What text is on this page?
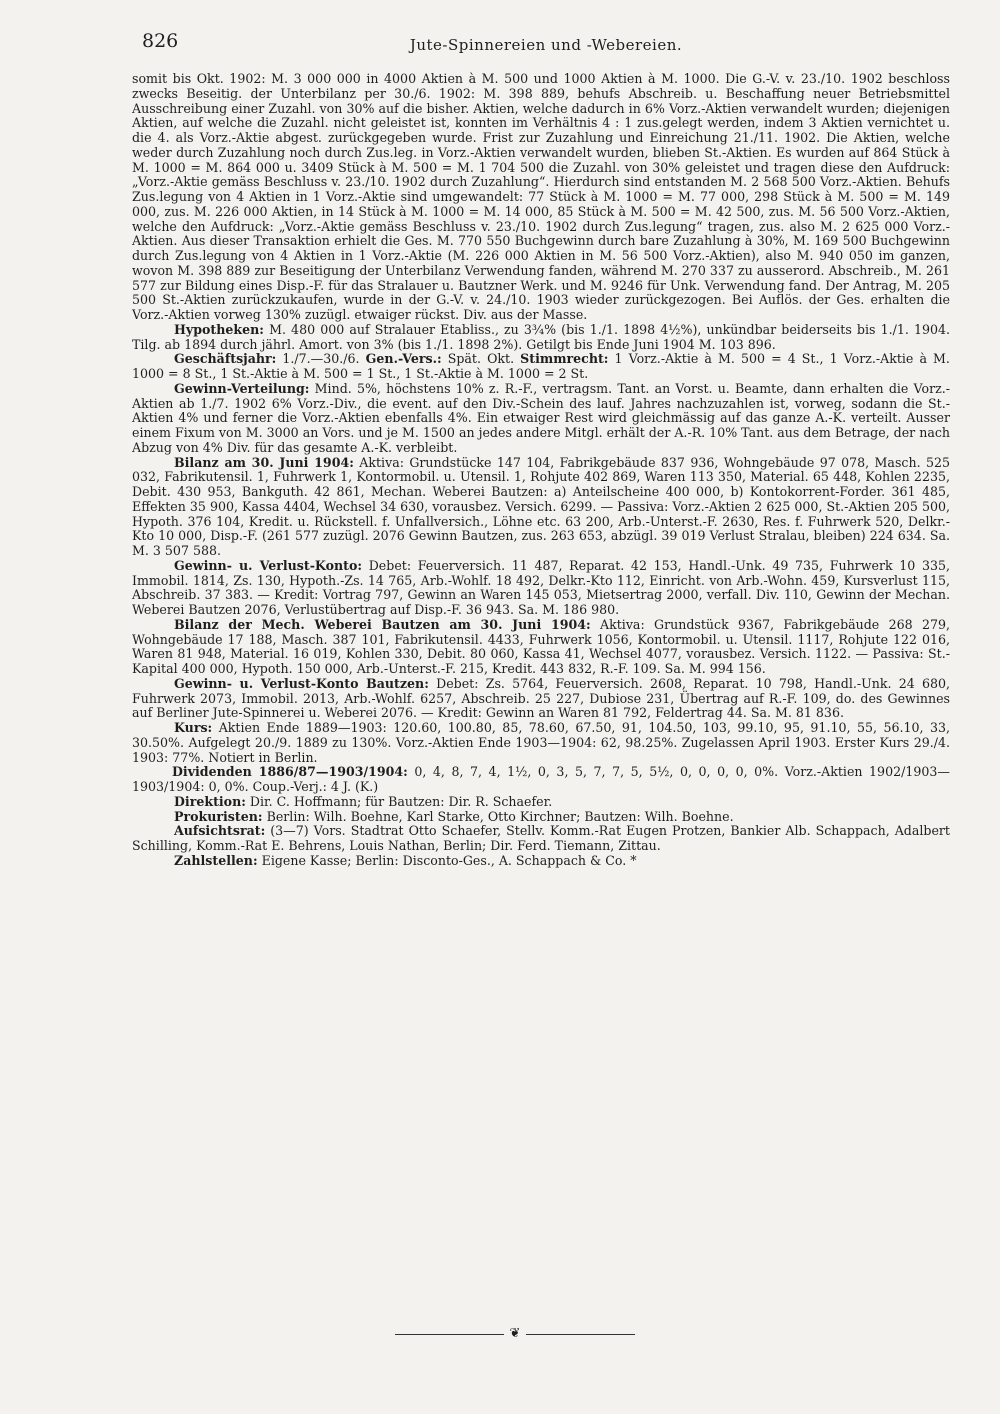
826	Jute-Spinnereien und -Webereien.

somit bis Okt. 1902: M. 3 000 000 in 4000 Aktien à M. 500 und 1000 Aktien à M. 1000. Die G.-V. v. 23./10. 1902 beschloss zwecks Beseitig. der Unterbilanz per 30./6. 1902: M. 398 889, behufs Abschreib. u. Beschaffung neuer Betriebsmittel Ausschreibung einer Zuzahl. von 30% auf die bisher. Aktien, welche dadurch in 6% Vorz.-Aktien verwandelt wurden; diejenigen Aktien, auf welche die Zuzahl. nicht geleistet ist, konnten im Verhältnis 4 : 1 zus.gelegt werden, indem 3 Aktien vernichtet u. die 4. als Vorz.-Aktie abgest. zurückgegeben wurde. Frist zur Zuzahlung und Einreichung 21./11. 1902. Die Aktien, welche weder durch Zuzahlung noch durch Zus.leg. in Vorz.-Aktien verwandelt wurden, blieben St.-Aktien. Es wurden auf 864 Stück à M. 1000 = M. 864 000 u. 3409 Stück à M. 500 = M. 1 704 500 die Zuzahl. von 30% geleistet und tragen diese den Aufdruck: „Vorz.-Aktie gemäss Beschluss v. 23./10. 1902 durch Zuzahlung“. Hierdurch sind entstanden M. 2 568 500 Vorz.-Aktien. Behufs Zus.legung von 4 Aktien in 1 Vorz.-Aktie sind umgewandelt: 77 Stück à M. 1000 = M. 77 000, 298 Stück à M. 500 = M. 149 000, zus. M. 226 000 Aktien, in 14 Stück à M. 1000 = M. 14 000, 85 Stück à M. 500 = M. 42 500, zus. M. 56 500 Vorz.-Aktien, welche den Aufdruck: „Vorz.-Aktie gemäss Beschluss v. 23./10. 1902 durch Zus.legung“ tragen, zus. also M. 2 625 000 Vorz.-Aktien. Aus dieser Transaktion erhielt die Ges. M. 770 550 Buchgewinn durch bare Zuzahlung à 30%, M. 169 500 Buchgewinn durch Zus.legung von 4 Aktien in 1 Vorz.-Aktie (M. 226 000 Aktien in M. 56 500 Vorz.-Aktien), also M. 940 050 im ganzen, wovon M. 398 889 zur Beseitigung der Unterbilanz Verwendung fanden, während M. 270 337 zu ausserord. Abschreib., M. 261 577 zur Bildung eines Disp.-F. für das Stralauer u. Bautzner Werk. und M. 9246 für Unk. Verwendung fand. Der Antrag, M. 205 500 St.-Aktien zurückzukaufen, wurde in der G.-V. v. 24./10. 1903 wieder zurückgezogen. Bei Auflös. der Ges. erhalten die Vorz.-Aktien vorweg 130% zuzügl. etwaiger rückst. Div. aus der Masse.

Hypotheken: M. 480 000 auf Stralauer Etabliss., zu 3¾% (bis 1./1. 1898 4½%), unkündbar beiderseits bis 1./1. 1904. Tilg. ab 1894 durch jährl. Amort. von 3% (bis 1./1. 1898 2%). Getilgt bis Ende Juni 1904 M. 103 896.

Geschäftsjahr: 1./7.—30./6. Gen.-Vers.: Spät. Okt. Stimmrecht: 1 Vorz.-Aktie à M. 500 = 4 St., 1 Vorz.-Aktie à M. 1000 = 8 St., 1 St.-Aktie à M. 500 = 1 St., 1 St.-Aktie à M. 1000 = 2 St.

Gewinn-Verteilung: Mind. 5%, höchstens 10% z. R.-F., vertragsm. Tant. an Vorst. u. Beamte, dann erhalten die Vorz.-Aktien ab 1./7. 1902 6% Vorz.-Div., die event. auf den Div.-Schein des lauf. Jahres nachzuzahlen ist, vorweg, sodann die St.-Aktien 4% und ferner die Vorz.-Aktien ebenfalls 4%. Ein etwaiger Rest wird gleichmässig auf das ganze A.-K. verteilt. Ausser einem Fixum von M. 3000 an Vors. und je M. 1500 an jedes andere Mitgl. erhält der A.-R. 10% Tant. aus dem Betrage, der nach Abzug von 4% Div. für das gesamte A.-K. verbleibt.

Bilanz am 30. Juni 1904: Aktiva: Grundstücke 147 104, Fabrikgebäude 837 936, Wohngebäude 97 078, Masch. 525 032, Fabrikutensil. 1, Fuhrwerk 1, Kontormobil. u. Utensil. 1, Rohjute 402 869, Waren 113 350, Material. 65 448, Kohlen 2235, Debit. 430 953, Bankguth. 42 861, Mechan. Weberei Bautzen: a) Anteilscheine 400 000, b) Kontokorrent-Forder. 361 485, Effekten 35 900, Kassa 4404, Wechsel 34 630, vorausbez. Versich. 6299. — Passiva: Vorz.-Aktien 2 625 000, St.-Aktien 205 500, Hypoth. 376 104, Kredit. u. Rückstell. f. Unfallversich., Löhne etc. 63 200, Arb.-Unterst.-F. 2630, Res. f. Fuhrwerk 520, Delkr.-Kto 10 000, Disp.-F. (261 577 zuzügl. 2076 Gewinn Bautzen, zus. 263 653, abzügl. 39 019 Verlust Stralau, bleiben) 224 634. Sa. M. 3 507 588.

Gewinn- u. Verlust-Konto: Debet: Feuerversich. 11 487, Reparat. 42 153, Handl.-Unk. 49 735, Fuhrwerk 10 335, Immobil. 1814, Zs. 130, Hypoth.-Zs. 14 765, Arb.-Wohlf. 18 492, Delkr.-Kto 112, Einricht. von Arb.-Wohn. 459, Kursverlust 115, Abschreib. 37 383. — Kredit: Vortrag 797, Gewinn an Waren 145 053, Mietsertrag 2000, verfall. Div. 110, Gewinn der Mechan. Weberei Bautzen 2076, Verlustübertrag auf Disp.-F. 36 943. Sa. M. 186 980.

Bilanz der Mech. Weberei Bautzen am 30. Juni 1904: Aktiva: Grundstück 9367, Fabrikgebäude 268 279, Wohngebäude 17 188, Masch. 387 101, Fabrikutensil. 4433, Fuhrwerk 1056, Kontormobil. u. Utensil. 1117, Rohjute 122 016, Waren 81 948, Material. 16 019, Kohlen 330, Debit. 80 060, Kassa 41, Wechsel 4077, vorausbez. Versich. 1122. — Passiva: St.-Kapital 400 000, Hypoth. 150 000, Arb.-Unterst.-F. 215, Kredit. 443 832, R.-F. 109. Sa. M. 994 156.

Gewinn- u. Verlust-Konto Bautzen: Debet: Zs. 5764, Feuerversich. 2608, Reparat. 10 798, Handl.-Unk. 24 680, Fuhrwerk 2073, Immobil. 2013, Arb.-Wohlf. 6257, Abschreib. 25 227, Dubiose 231, Übertrag auf R.-F. 109, do. des Gewinnes auf Berliner Jute-Spinnerei u. Weberei 2076. — Kredit: Gewinn an Waren 81 792, Feldertrag 44. Sa. M. 81 836.

Kurs: Aktien Ende 1889—1903: 120.60, 100.80, 85, 78.60, 67.50, 91, 104.50, 103, 99.10, 95, 91.10, 55, 56.10, 33, 30.50%. Aufgelegt 20./9. 1889 zu 130%. Vorz.-Aktien Ende 1903—1904: 62, 98.25%. Zugelassen April 1903. Erster Kurs 29./4. 1903: 77%. Notiert in Berlin.

Dividenden 1886/87—1903/1904: 0, 4, 8, 7, 4, 1½, 0, 3, 5, 7, 7, 5, 5½, 0, 0, 0, 0, 0%. Vorz.-Aktien 1902/1903—1903/1904: 0, 0%. Coup.-Verj.: 4 J. (K.)

Direktion: Dir. C. Hoffmann; für Bautzen: Dir. R. Schaefer.

Prokuristen: Berlin: Wilh. Boehne, Karl Starke, Otto Kirchner; Bautzen: Wilh. Boehne.

Aufsichtsrat: (3—7) Vors. Stadtrat Otto Schaefer, Stellv. Komm.-Rat Eugen Protzen, Bankier Alb. Schappach, Adalbert Schilling, Komm.-Rat E. Behrens, Louis Nathan, Berlin; Dir. Ferd. Tiemann, Zittau.

Zahlstellen: Eigene Kasse; Berlin: Disconto-Ges., A. Schappach & Co. *

❦
